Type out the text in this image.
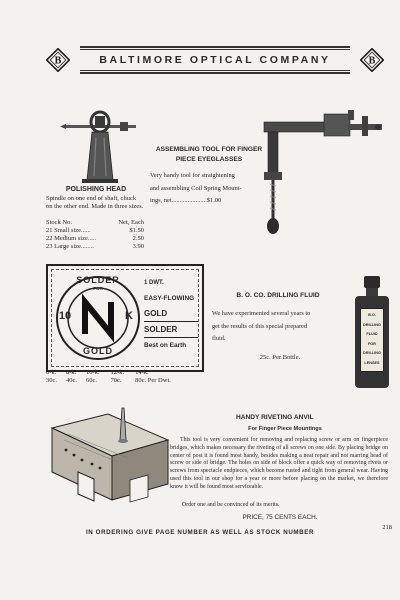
B	BALTIMORE OPTICAL COMPANY	B
POLISHING HEAD
Spindle on one end of shaft, chuck on the other end. Made in three sizes.
Stock No.	Net, Each
21 Small size......	$1.50
22 Medium size.....	2.50
23 Large size........	3.90
ASSEMBLING TOOL FOR FINGER
PIECE EYEGLASSES
Very handy tool for straightening
and assembling Coil Spring Mount-
ings, net......................$1.00
SOLDER
FOR
10	K
GOLD
1 DWT.
EASY-FLOWING
GOLD
SOLDER
Best on Earth
6-k.	8-k.	10-k.	12-k.	14-k.
30c.	40c.	60c.	70c.	80c. Per Dwt.
B. O. CO. DRILLING FLUID
We have experimented several years to
get the results of this special prepared
fluid.
25c. Per Bottle.
B.O.
DRILLING
FLUID
FOR
DRILLING
LENSES
HANDY RIVETING ANVIL
For Finger Piece Mountings
This tool is very convenient for removing and replacing screw or arm on fingerpiece bridges, which makes necessary the riveting of all screws on one side. By placing bridge on center of post it is found most handy, besides making a neat repair and not marring head of screw or side of bridge. The holes on side of block offer a quick way of removing rivets or screws from spectacle endpieces, which become rusted and tight from general wear. Having used this tool in our shop for a year or more before placing on the market, we therefore know it will be found most serviceable.
Order one and be convinced of its merits.
PRICE, 75 CENTS EACH.
218
IN ORDERING GIVE PAGE NUMBER AS WELL AS STOCK NUMBER
